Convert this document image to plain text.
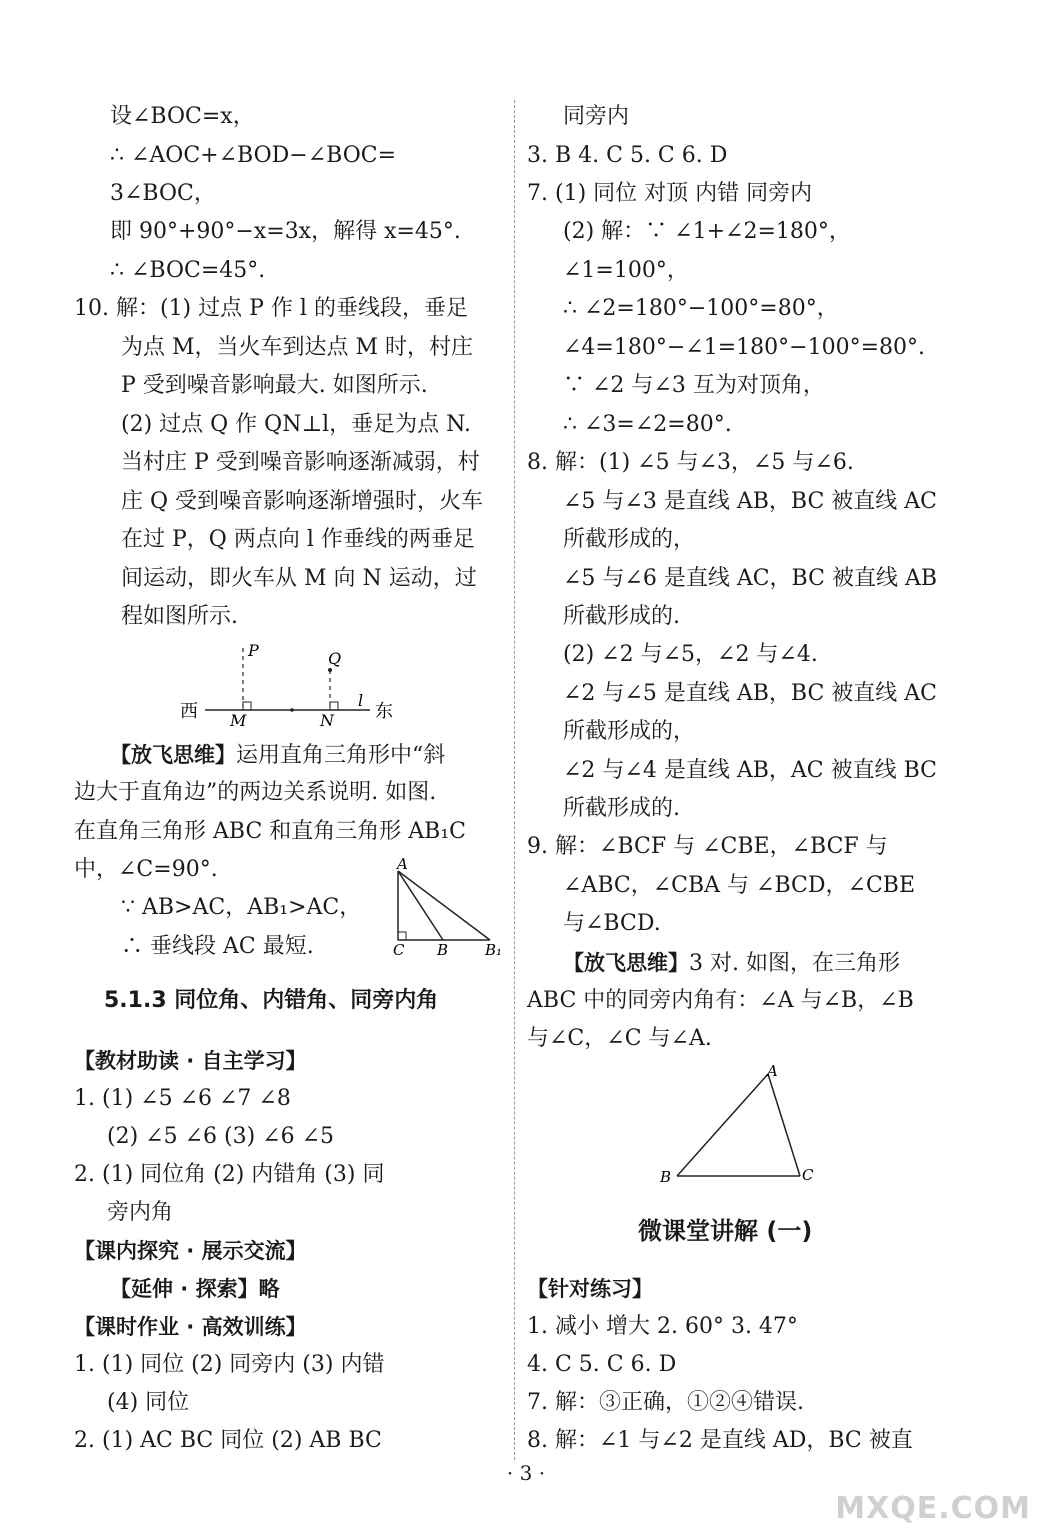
设∠BOC=x，
∴ ∠AOC+∠BOD−∠BOC=
3∠BOC，
即 90°+90°−x=3x，解得 x=45°.
∴ ∠BOC=45°.
10. 解：(1) 过点 P 作 l 的垂线段，垂足
为点 M，当火车到达点 M 时，村庄
P 受到噪音影响最大. 如图所示.
(2) 过点 Q 作 QN⊥l，垂足为点 N.
当村庄 P 受到噪音影响逐渐减弱，村
庄 Q 受到噪音影响逐渐增强时，火车
在过 P，Q 两点向 l 作垂线的两垂足
间运动，即火车从 M 向 N 运动，过
程如图所示.
西	东
P	Q
M	N
l
【放飞思维】运用直角三角形中“斜
边大于直角边”的两边关系说明. 如图.
在直角三角形 ABC 和直角三角形 AB₁C
中，∠C=90°.
∵ AB>AC，AB₁>AC，
∴ 垂线段 AC 最短.
A
C B B₁
5.1.3 同位角、内错角、同旁内角
【教材助读 · 自主学习】
1. (1) ∠5 ∠6 ∠7 ∠8
(2) ∠5 ∠6 (3) ∠6 ∠5
2. (1) 同位角 (2) 内错角 (3) 同
旁内角
【课内探究 · 展示交流】
【延伸 · 探索】略
【课时作业 · 高效训练】
1. (1) 同位 (2) 同旁内 (3) 内错
(4) 同位
2. (1) AC BC 同位 (2) AB BC
同旁内
3. B 4. C 5. C 6. D
7. (1) 同位 对顶 内错 同旁内
(2) 解：∵ ∠1+∠2=180°，
∠1=100°，
∴ ∠2=180°−100°=80°，
∠4=180°−∠1=180°−100°=80°.
∵ ∠2 与∠3 互为对顶角，
∴ ∠3=∠2=80°.
8. 解：(1) ∠5 与∠3，∠5 与∠6.
∠5 与∠3 是直线 AB，BC 被直线 AC
所截形成的，
∠5 与∠6 是直线 AC，BC 被直线 AB
所截形成的.
(2) ∠2 与∠5，∠2 与∠4.
∠2 与∠5 是直线 AB，BC 被直线 AC
所截形成的，
∠2 与∠4 是直线 AB，AC 被直线 BC
所截形成的.
9. 解：∠BCF 与 ∠CBE，∠BCF 与
∠ABC，∠CBA 与 ∠BCD，∠CBE
与∠BCD.
【放飞思维】3 对. 如图，在三角形
ABC 中的同旁内角有：∠A 与∠B，∠B
与∠C，∠C 与∠A.
A
B	C
微课堂讲解 (一)
【针对练习】
1. 减小 增大 2. 60° 3. 47°
4. C 5. C 6. D
7. 解：③正确，①②④错误.
8. 解：∠1 与∠2 是直线 AD，BC 被直
· 3 ·
MXQE.COM
